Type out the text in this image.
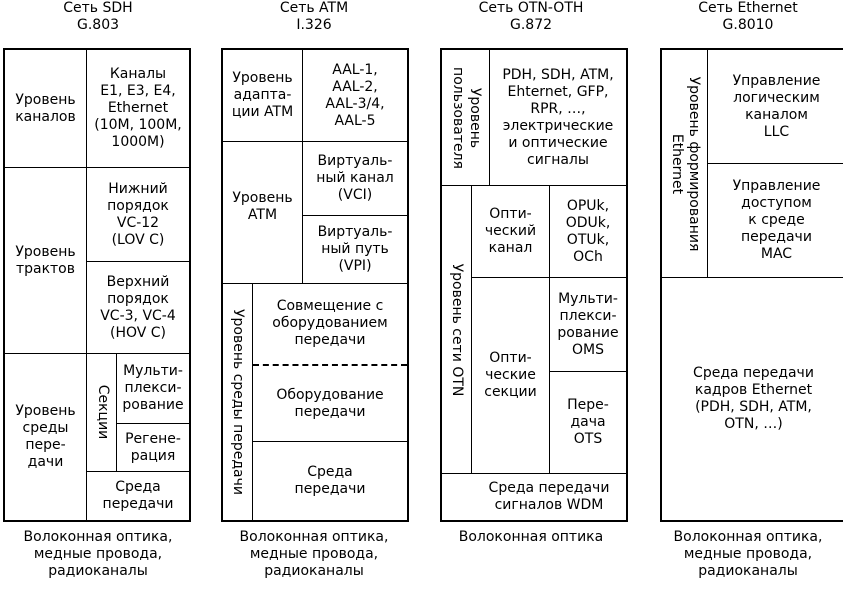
Сеть SDH
G.803
Сеть ATM
I.326
Сеть OTN-OTH
G.872
Сеть Ethernet
G.8010
Уровень
каналов
Каналы
E1, E3, E4,
Ethernet
(10M, 100M,
1000M)
Уровень
трактов
Нижний
порядок
VC-12
(LOV C)
Верхний
порядок
VC-3, VC-4
(HOV C)
Уровень
среды
пере-
дачи
Секции
Мульти-
плекси-
рование
Регене-
рация
Среда
передачи
Волоконная оптика,
медные провода,
радиоканалы
Уровень
адапта-
ции ATM
AAL-1,
AAL-2,
AAL-3/4,
AAL-5
Уровень
ATM
Виртуаль-
ный канал
(VCI)
Виртуаль-
ный путь
(VPI)
Уровень среды передачи
Совмещение с
оборудованием
передачи
Оборудование
передачи
Среда
передачи
Волоконная оптика,
медные провода,
радиоканалы
Уровень
пользователя	PDH, SDH, ATM,
Ehternet, GFP,
RPR, …,
электрические
и оптические
сигналы
Уровень сети OTN
Опти-
ческий
канал
OPUk,
ODUk,
OTUk,
OCh
Опти-
ческие
секции
Мульти-
плекси-
рование
OMS
Пере-
дача
OTS
Среда передачи
сигналов WDM
Волоконная оптика
Уровень формирования
Ethernet
Управление
логическим
каналом
LLC
Управление
доступом
к среде
передачи
MAC
Среда передачи
кадров Ethernet
(PDH, SDH, ATM,
OTN, …)
Волоконная оптика,
медные провода,
радиоканалы
